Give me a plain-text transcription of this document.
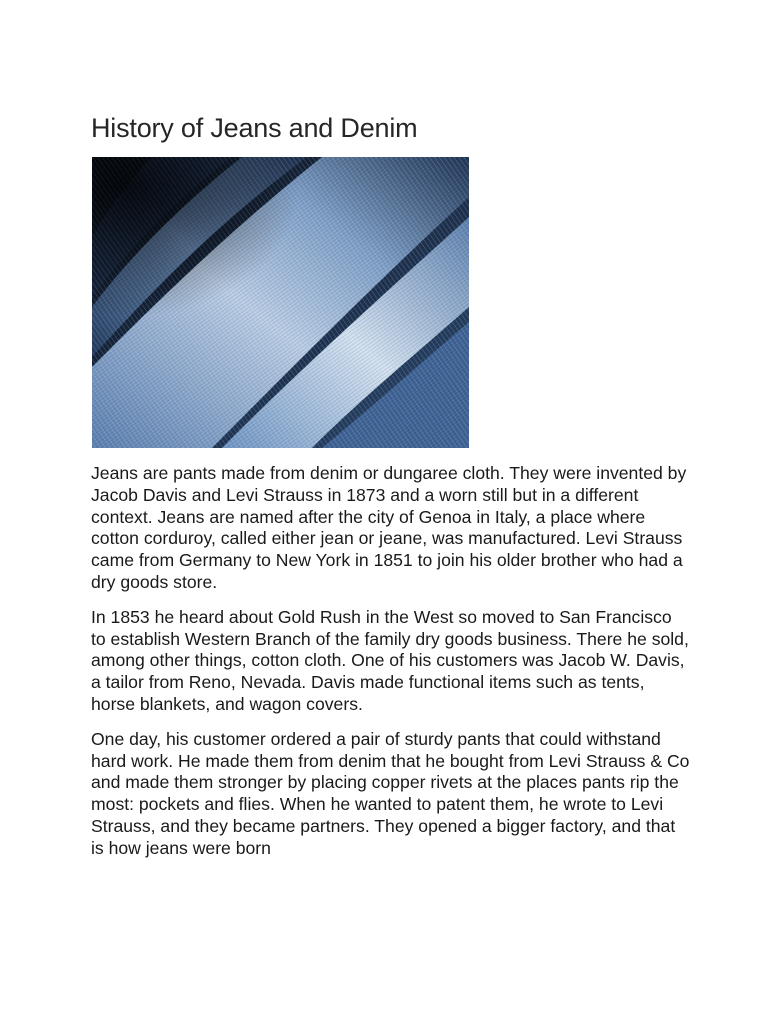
History of Jeans and Denim

Jeans are pants made from denim or dungaree cloth. They were invented by Jacob Davis and Levi Strauss in 1873 and a worn still but in a different context. Jeans are named after the city of Genoa in Italy, a place where cotton corduroy, called either jean or jeane, was manufactured. Levi Strauss came from Germany to New York in 1851 to join his older brother who had a dry goods store.

In 1853 he heard about Gold Rush in the West so moved to San Francisco to establish Western Branch of the family dry goods business. There he sold, among other things, cotton cloth. One of his customers was Jacob W. Davis, a tailor from Reno, Nevada. Davis made functional items such as tents, horse blankets, and wagon covers.

One day, his customer ordered a pair of sturdy pants that could withstand hard work. He made them from denim that he bought from Levi Strauss & Co and made them stronger by placing copper rivets at the places pants rip the most: pockets and flies. When he wanted to patent them, he wrote to Levi Strauss, and they became partners. They opened a bigger factory, and that is how jeans were born
